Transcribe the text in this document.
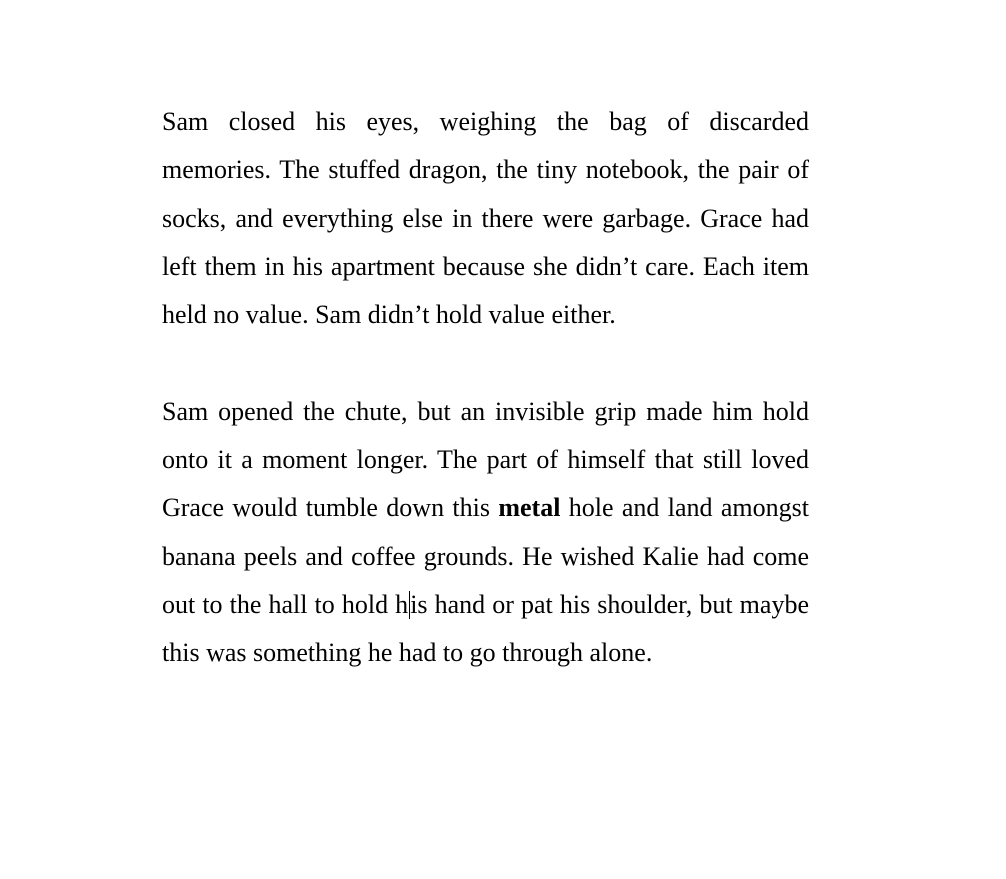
Sam closed his eyes, weighing the bag of discarded memories. The stuffed dragon, the tiny notebook, the pair of socks, and everything else in there were garbage. Grace had left them in his apartment because she didn’t care. Each item held no value. Sam didn’t hold value either.

Sam opened the chute, but an invisible grip made him hold onto it a moment longer. The part of himself that still loved Grace would tumble down this metal hole and land amongst banana peels and coffee grounds. He wished Kalie had come out to the hall to hold his hand or pat his shoulder, but maybe this was something he had to go through alone.
